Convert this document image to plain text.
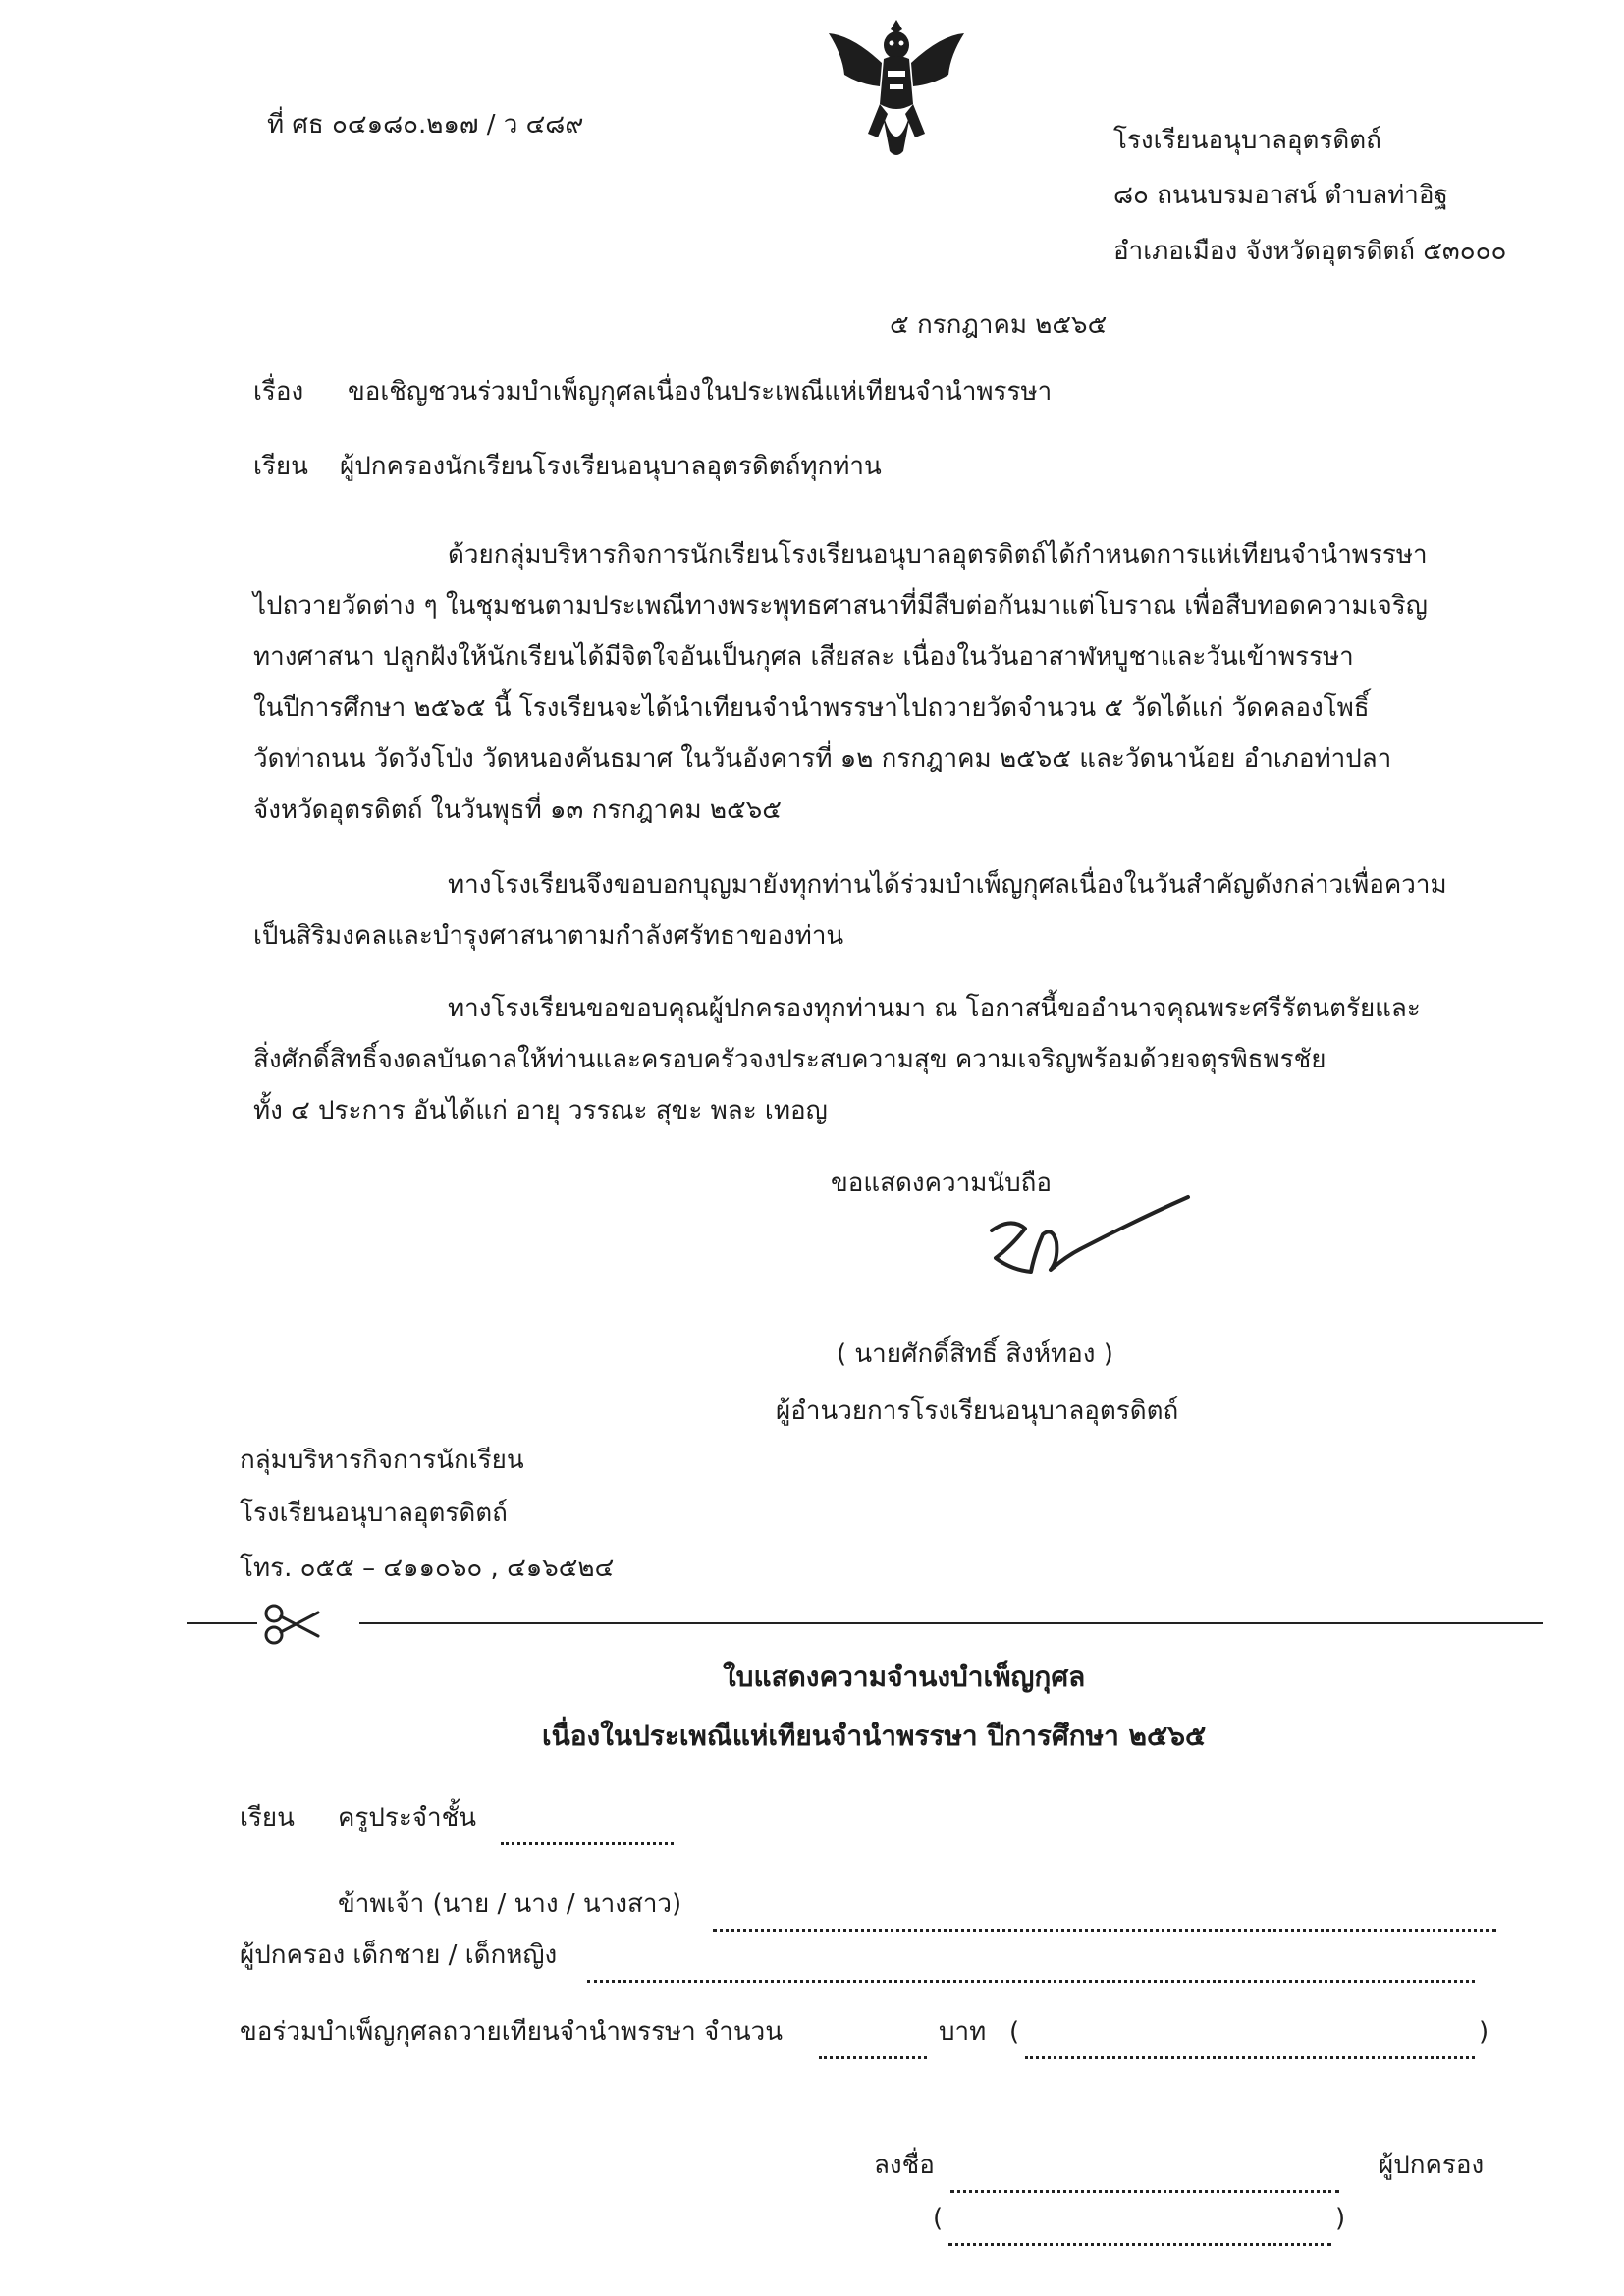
ที่ ศธ ๐๔๑๘๐.๒๑๗ / ว ๔๘๙
โรงเรียนอนุบาลอุตรดิตถ์
๘๐ ถนนบรมอาสน์ ตำบลท่าอิฐ
อำเภอเมือง จังหวัดอุตรดิตถ์ ๕๓๐๐๐
๕ กรกฎาคม ๒๕๖๕
เรื่อง ขอเชิญชวนร่วมบำเพ็ญกุศลเนื่องในประเพณีแห่เทียนจำนำพรรษา
เรียน ผู้ปกครองนักเรียนโรงเรียนอนุบาลอุตรดิตถ์ทุกท่าน
ด้วยกลุ่มบริหารกิจการนักเรียนโรงเรียนอนุบาลอุตรดิตถ์ได้กำหนดการแห่เทียนจำนำพรรษา
ไปถวายวัดต่าง ๆ ในชุมชนตามประเพณีทางพระพุทธศาสนาที่มีสืบต่อกันมาแต่โบราณ เพื่อสืบทอดความเจริญ
ทางศาสนา ปลูกฝังให้นักเรียนได้มีจิตใจอันเป็นกุศล เสียสละ เนื่องในวันอาสาฬหบูชาและวันเข้าพรรษา
ในปีการศึกษา ๒๕๖๕ นี้ โรงเรียนจะได้นำเทียนจำนำพรรษาไปถวายวัดจำนวน ๕ วัดได้แก่ วัดคลองโพธิ์
วัดท่าถนน วัดวังโป่ง วัดหนองคันธมาศ ในวันอังคารที่ ๑๒ กรกฎาคม ๒๕๖๕ และวัดนาน้อย อำเภอท่าปลา
จังหวัดอุตรดิตถ์ ในวันพุธที่ ๑๓ กรกฎาคม ๒๕๖๕
ทางโรงเรียนจึงขอบอกบุญมายังทุกท่านได้ร่วมบำเพ็ญกุศลเนื่องในวันสำคัญดังกล่าวเพื่อความ
เป็นสิริมงคลและบำรุงศาสนาตามกำลังศรัทธาของท่าน
ทางโรงเรียนขอขอบคุณผู้ปกครองทุกท่านมา ณ โอกาสนี้ขออำนาจคุณพระศรีรัตนตรัยและ
สิ่งศักดิ์สิทธิ์จงดลบันดาลให้ท่านและครอบครัวจงประสบความสุข ความเจริญพร้อมด้วยจตุรพิธพรชัย
ทั้ง ๔ ประการ อันได้แก่ อายุ วรรณะ สุขะ พละ เทอญ
ขอแสดงความนับถือ
( นายศักดิ์สิทธิ์ สิงห์ทอง )
ผู้อำนวยการโรงเรียนอนุบาลอุตรดิตถ์
กลุ่มบริหารกิจการนักเรียน
โรงเรียนอนุบาลอุตรดิตถ์
โทร. ๐๕๕ – ๔๑๑๐๖๐ , ๔๑๖๕๒๔
ใบแสดงความจำนงบำเพ็ญกุศล
เนื่องในประเพณีแห่เทียนจำนำพรรษา ปีการศึกษา ๒๕๖๕
เรียน ครูประจำชั้น
ข้าพเจ้า (นาย / นาง / นางสาว)
ผู้ปกครอง เด็กชาย / เด็กหญิง
ขอร่วมบำเพ็ญกุศลถวายเทียนจำนำพรรษา จำนวน	บาท (	)
ลงชื่อ	ผู้ปกครอง
(	)
